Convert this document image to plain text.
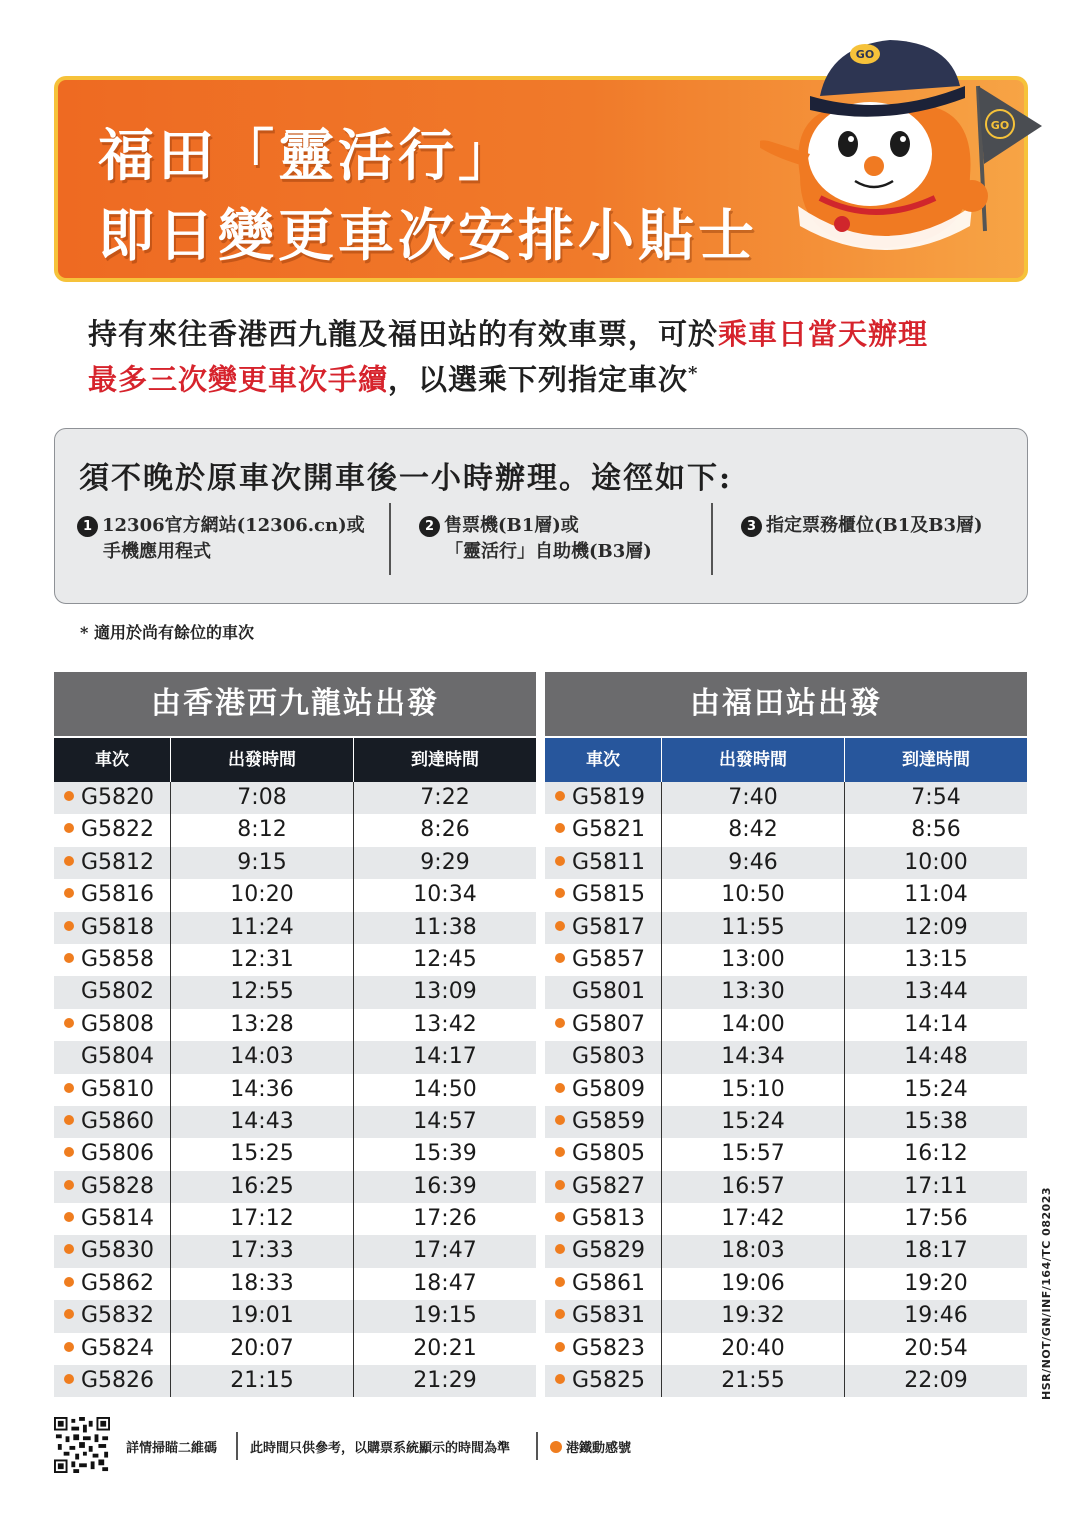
福田「靈活行」
即日變更車次安排小貼士
GO
GO
持有來往香港西九龍及福田站的有效車票，可於乘車日當天辦理
最多三次變更車次手續，以選乘下列指定車次*
須不晚於原車次開車後一小時辦理。途徑如下:
1 12306官方網站(12306.cn)或
手機應用程式
2 售票機(B1層)或
「靈活行」自助機(B3層)
3 指定票務櫃位(B1及B3層)
* 適用於尚有餘位的車次
由香港西九龍站出發
車次	出發時間	到達時間
G5820	7:08	7:22
G5822	8:12	8:26
G5812	9:15	9:29
G5816	10:20	10:34
G5818	11:24	11:38
G5858	12:31	12:45
G5802	12:55	13:09
G5808	13:28	13:42
G5804	14:03	14:17
G5810	14:36	14:50
G5860	14:43	14:57
G5806	15:25	15:39
G5828	16:25	16:39
G5814	17:12	17:26
G5830	17:33	17:47
G5862	18:33	18:47
G5832	19:01	19:15
G5824	20:07	20:21
G5826	21:15	21:29
由福田站出發
車次	出發時間	到達時間
G5819	7:40	7:54
G5821	8:42	8:56
G5811	9:46	10:00
G5815	10:50	11:04
G5817	11:55	12:09
G5857	13:00	13:15
G5801	13:30	13:44
G5807	14:00	14:14
G5803	14:34	14:48
G5809	15:10	15:24
G5859	15:24	15:38
G5805	15:57	16:12
G5827	16:57	17:11
G5813	17:42	17:56
G5829	18:03	18:17
G5861	19:06	19:20
G5831	19:32	19:46
G5823	20:40	20:54
G5825	21:55	22:09	HSR/NOT/GN/INF/164/TC 082023
詳情掃瞄二維碼	此時間只供參考，以購票系統顯示的時間為準	港鐵動感號
